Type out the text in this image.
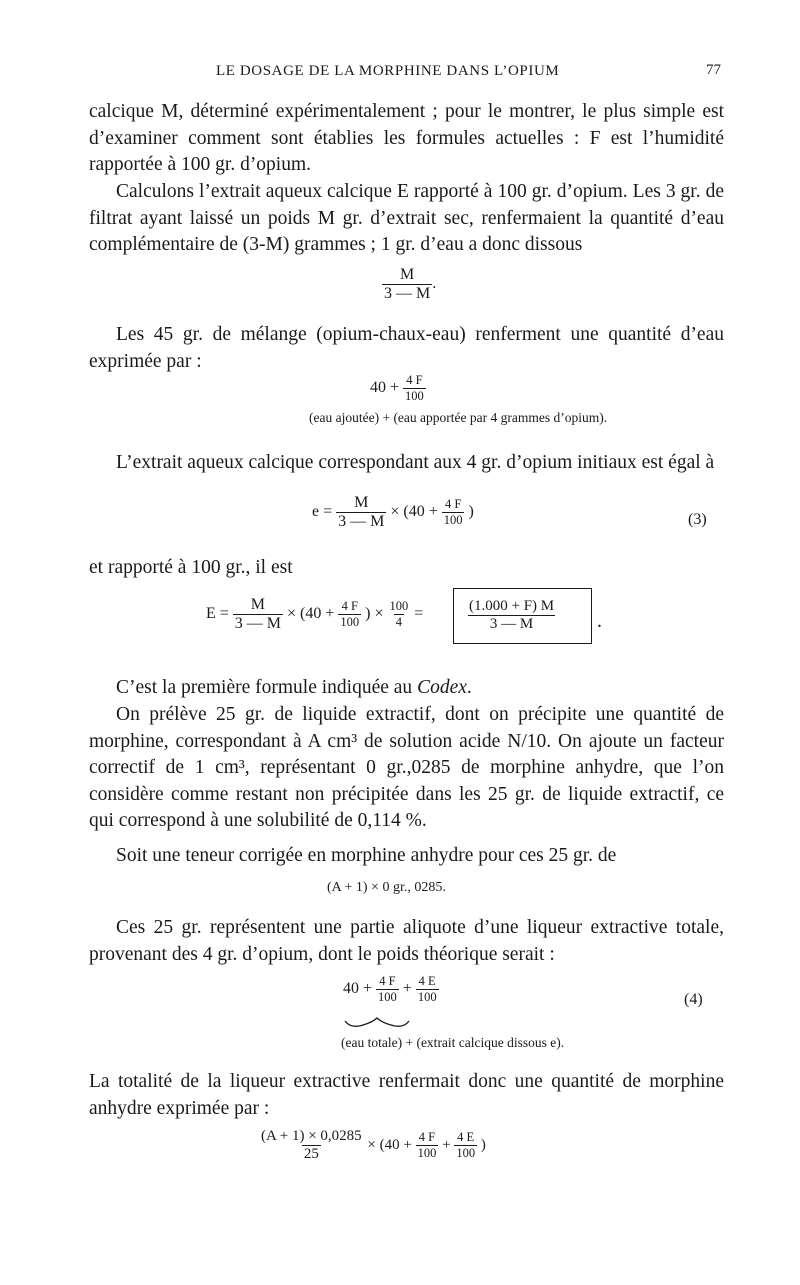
LE DOSAGE DE LA MORPHINE DANS L’OPIUM	77
calcique M, déterminé expérimentalement ; pour le montrer, le plus simple est d’examiner comment sont établies les formules actuelles : F est l’humidité rapportée à 100 gr. d’opium.
Calculons l’extrait aqueux calcique E rapporté à 100 gr. d’opium. Les 3 gr. de filtrat ayant laissé un poids M gr. d’extrait sec, renfermaient la quantité d’eau complémentaire de (3-M) grammes ; 1 gr. d’eau a donc dissous
$\frac{M}{3 — M}$ .
Les 45 gr. de mélange (opium-chaux-eau) renferment une quantité d’eau exprimée par :
$40 + \frac{4 F}{100}$
(eau ajoutée) + (eau apportée par 4 grammes d’opium).
L’extrait aqueux calcique correspondant aux 4 gr. d’opium initiaux est égal à
$e = \frac{M}{3 — M} \times (40 + \frac{4 F}{100}$ )	(3)
et rapporté à 100 gr., il est
$E = \frac{M}{3 — M} \times (40 + \frac{4 F}{100}$ ) × $\frac{100}{4}$ =	$\frac{(1.000 + F) M}{3 — M}$ .
C’est la première formule indiquée au Codex.
On prélève 25 gr. de liquide extractif, dont on précipite une quantité de morphine, correspondant à A cm³ de solution acide N/10. On ajoute un facteur correctif de 1 cm³, représentant 0 gr.,0285 de morphine anhydre, que l’on considère comme restant non précipitée dans les 25 gr. de liquide extractif, ce qui correspond à une solubilité de 0,114 %.
Soit une teneur corrigée en morphine anhydre pour ces 25 gr. de
(A + 1) × 0 gr., 0285.
Ces 25 gr. représentent une partie aliquote d’une liqueur extractive totale, provenant des 4 gr. d’opium, dont le poids théorique serait :
$40 + \frac{4 F}{100} + \frac{4 E}{100}$	(4)
(eau totale) + (extrait calcique dissous e).
La totalité de la liqueur extractive renfermait donc une quantité de morphine anhydre exprimée par :
$\frac{(A + 1) \times 0,0285}{25} \times (40 + \frac{4 F}{100} + \frac{4 E}{100}$ )
